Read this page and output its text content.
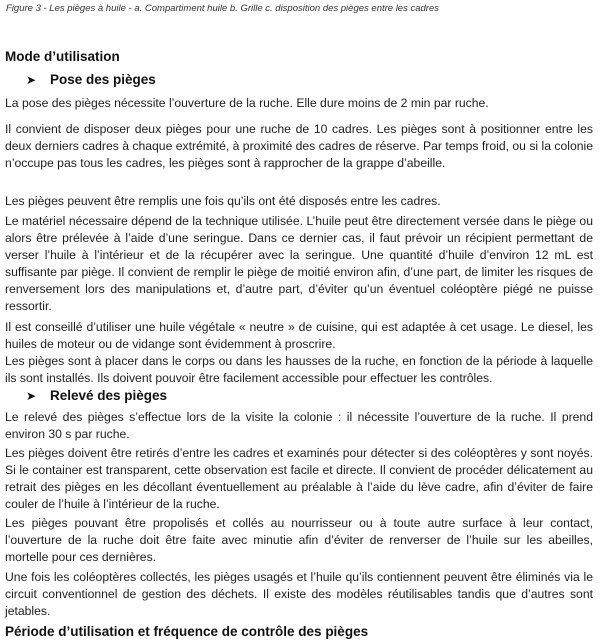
Figure 3 - Les pièges à huile - a. Compartiment huile b. Grille c. disposition des pièges entre les cadres
Mode d’utilisation
➤ Pose des pièges
La pose des pièges nécessite l’ouverture de la ruche. Elle dure moins de 2 min par ruche.
Il convient de disposer deux pièges pour une ruche de 10 cadres. Les pièges sont à positionner entre les deux derniers cadres à chaque extrémité, à proximité des cadres de réserve. Par temps froid, ou si la colonie n’occupe pas tous les cadres, les pièges sont à rapprocher de la grappe d’abeille.
Les pièges peuvent être remplis une fois qu’ils ont été disposés entre les cadres.
Le matériel nécessaire dépend de la technique utilisée. L’huile peut être directement versée dans le piège ou alors être prélevée à l’aide d’une seringue. Dans ce dernier cas, il faut prévoir un récipient permettant de verser l’huile à l’intérieur et de la récupérer avec la seringue. Une quantité d’huile d’environ 12 mL est suffisante par piège. Il convient de remplir le piège de moitié environ afin, d’une part, de limiter les risques de renversement lors des manipulations et, d’autre part, d’éviter qu’un éventuel coléoptère piégé ne puisse ressortir.
Il est conseillé d’utiliser une huile végétale « neutre » de cuisine, qui est adaptée à cet usage. Le diesel, les huiles de moteur ou de vidange sont évidemment à proscrire.
Les pièges sont à placer dans le corps ou dans les hausses de la ruche, en fonction de la période à laquelle ils sont installés. Ils doivent pouvoir être facilement accessible pour effectuer les contrôles.
➤ Relevé des pièges
Le relevé des pièges s’effectue lors de la visite la colonie : il nécessite l’ouverture de la ruche. Il prend environ 30 s par ruche.
Les pièges doivent être retirés d’entre les cadres et examinés pour détecter si des coléoptères y sont noyés. Si le container est transparent, cette observation est facile et directe. Il convient de procéder délicatement au retrait des pièges en les décollant éventuellement au préalable à l’aide du lève cadre, afin d’éviter de faire couler de l’huile à l’intérieur de la ruche.
Les pièges pouvant être propolisés et collés au nourrisseur ou à toute autre surface à leur contact, l’ouverture de la ruche doit être faite avec minutie afin d’éviter de renverser de l’huile sur les abeilles, mortelle pour ces dernières.
Une fois les coléoptères collectés, les pièges usagés et l’huile qu’ils contiennent peuvent être éliminés via le circuit conventionnel de gestion des déchets. Il existe des modèles réutilisables tandis que d’autres sont jetables.
Période d’utilisation et fréquence de contrôle des pièges
